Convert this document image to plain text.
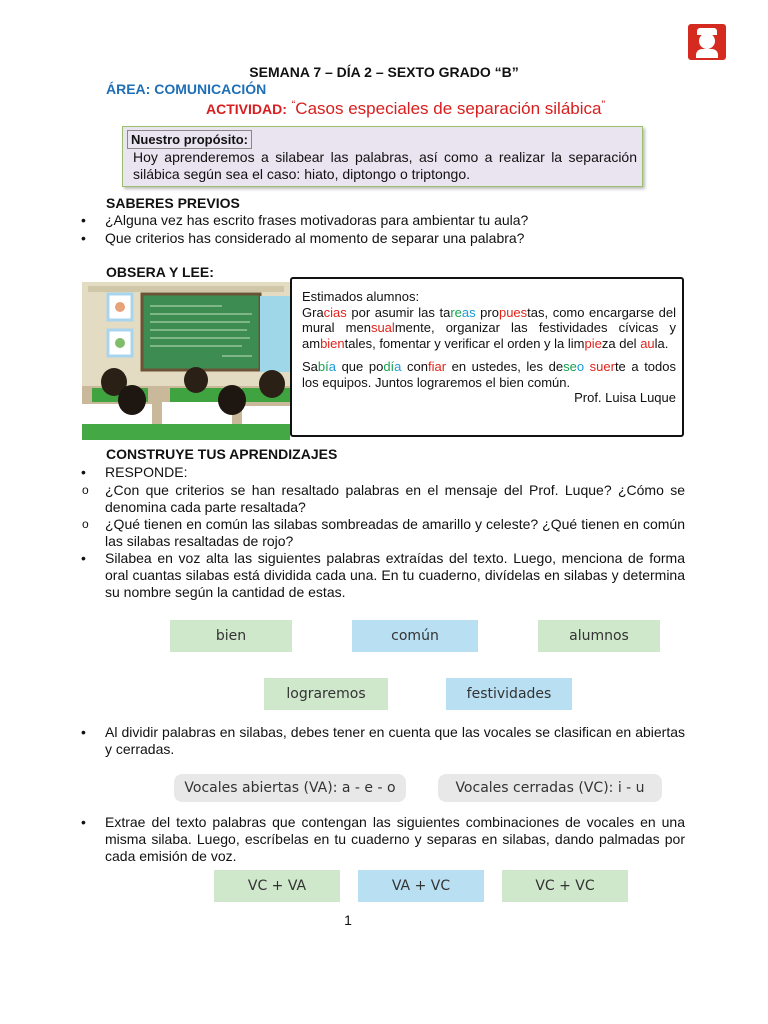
SEMANA 7 – DÍA 2 – SEXTO GRADO “B”
ÁREA: COMUNICACIÓN
ACTIVIDAD: “Casos especiales de separación silábica”
Nuestro propósito:

Hoy aprenderemos a silabear las palabras, así como a realizar la separación silábica según sea el caso: hiato, diptongo o triptongo.

SABERES PREVIOS
• ¿Alguna vez has escrito frases motivadoras para ambientar tu aula?
• Que criterios has considerado al momento de separar una palabra?
OBSERA Y LEE:

Estimados alumnos:

Gracias por asumir las tareas propuestas, como encargarse del mural mensualmente, organizar las festividades cívicas y ambientales, fomentar y verificar el orden y la limpieza del aula.

Sabía que podía confiar en ustedes, les deseo suerte a todos los equipos. Juntos lograremos el bien común.

Prof. Luisa Luque

CONSTRUYE TUS APRENDIZAJES
• RESPONDE:
o ¿Con que criterios se han resaltado palabras en el mensaje del Prof. Luque? ¿Cómo se denomina cada parte resaltada?
o ¿Qué tienen en común las silabas sombreadas de amarillo y celeste? ¿Qué tienen en común las silabas resaltadas de rojo?
• Silabea en voz alta las siguientes palabras extraídas del texto. Luego, menciona de forma oral cuantas silabas está dividida cada una. En tu cuaderno, divídelas en silabas y determina su nombre según la cantidad de estas.
bien	común	alumnos
lograremos	festividades
• Al dividir palabras en silabas, debes tener en cuenta que las vocales se clasifican en abiertas y cerradas.
Vocales abiertas (VA): a - e - o	Vocales cerradas (VC): i - u
• Extrae del texto palabras que contengan las siguientes combinaciones de vocales en una misma silaba. Luego, escríbelas en tu cuaderno y separas en silabas, dando palmadas por cada emisión de voz.
VC + VA	VA + VC	VC + VC
1
